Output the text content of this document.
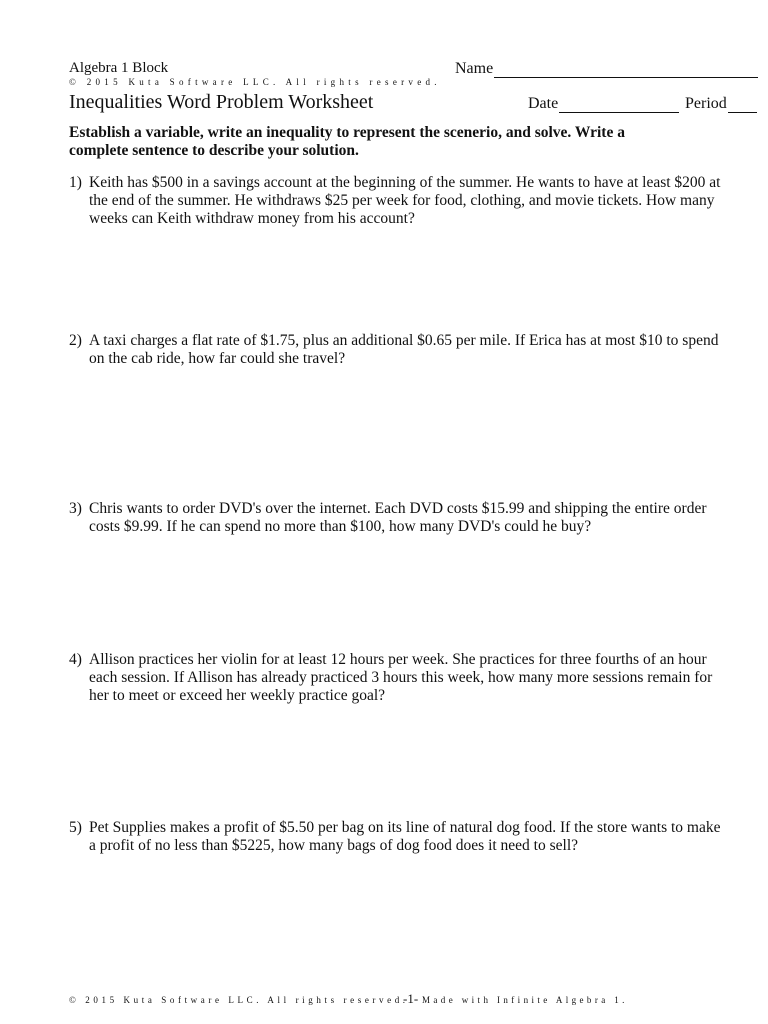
Algebra 1 Block
© 2015 Kuta Software LLC. All rights reserved.
Inequalities Word Problem Worksheet
Name
Date	Period
Establish a variable, write an inequality to represent the scenerio, and solve. Write a complete sentence to describe your solution.
1) Keith has $500 in a savings account at the beginning of the summer. He wants to have at least $200 at the end of the summer. He withdraws $25 per week for food, clothing, and movie tickets. How many weeks can Keith withdraw money from his account?
2) A taxi charges a flat rate of $1.75, plus an additional $0.65 per mile. If Erica has at most $10 to spend on the cab ride, how far could she travel?
3) Chris wants to order DVD's over the internet. Each DVD costs $15.99 and shipping the entire order costs $9.99. If he can spend no more than $100, how many DVD's could he buy?
4) Allison practices her violin for at least 12 hours per week. She practices for three fourths of an hour each session. If Allison has already practiced 3 hours this week, how many more sessions remain for her to meet or exceed her weekly practice goal?
5) Pet Supplies makes a profit of $5.50 per bag on its line of natural dog food. If the store wants to make a profit of no less than $5225, how many bags of dog food does it need to sell?
© 2015 Kuta Software LLC. All rights reserved.
-1- Made with Infinite Algebra 1.
